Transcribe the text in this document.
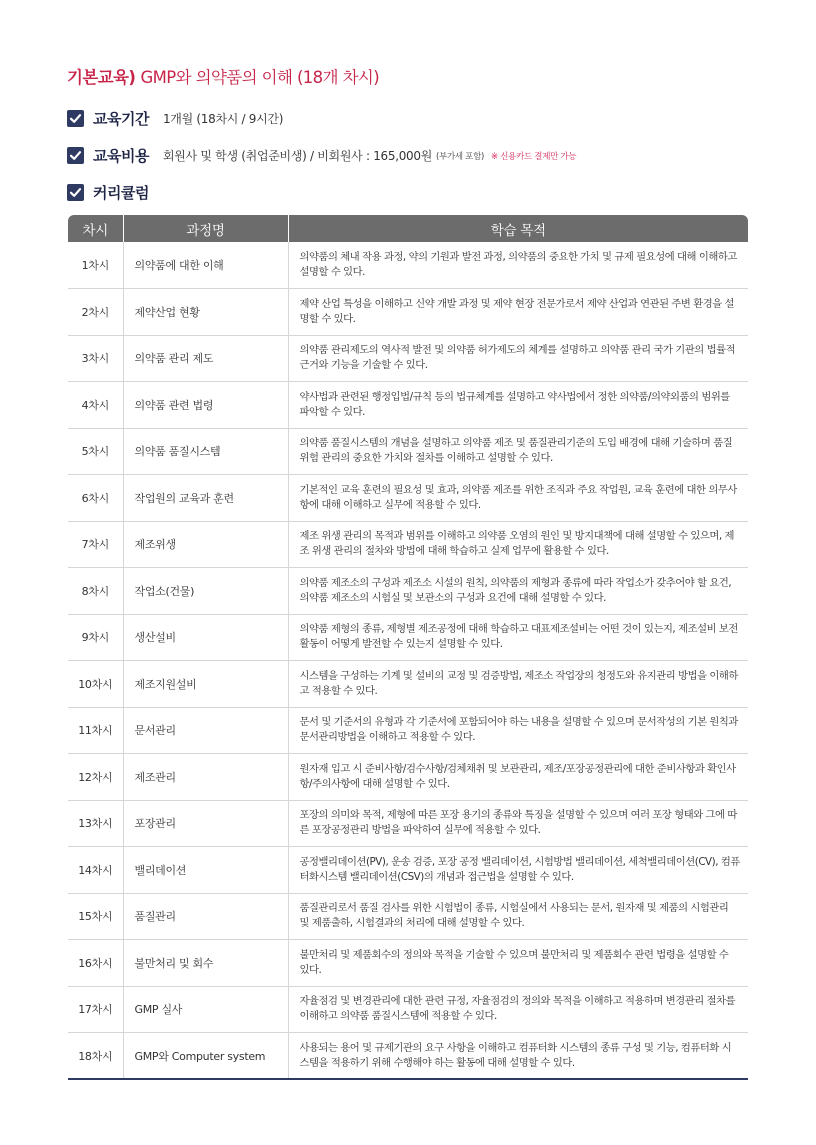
기본교육) GMP와 의약품의 이해 (18개 차시)
교육기간 1개월 (18차시 / 9시간)
교육비용 회원사 및 학생 (취업준비생) / 비회원사 : 165,000원 (부가세 포함) ※ 신용카드 결제만 가능
커리큘럼
차시	과정명	학습 목적
1차시	의약품에 대한 이해	의약품의 체내 작용 과정, 약의 기원과 발전 과정, 의약품의 중요한 가치 및 규제 필요성에 대해 이해하고 설명할 수 있다.
2차시	제약산업 현황	제약 산업 특성을 이해하고 신약 개발 과정 및 제약 현장 전문가로서 제약 산업과 연관된 주변 환경을 설명할 수 있다.
3차시	의약품 관리 제도	의약품 관리제도의 역사적 발전 및 의약품 허가제도의 체계를 설명하고 의약품 관리 국가 기관의 법률적 근거와 기능을 기술할 수 있다.
4차시	의약품 관련 법령	약사법과 관련된 행정입법/규칙 등의 법규체계를 설명하고 약사법에서 정한 의약품/의약외품의 범위를 파악할 수 있다.
5차시	의약품 품질시스템	의약품 품질시스템의 개념을 설명하고 의약품 제조 및 품질관리기준의 도입 배경에 대해 기술하며 품질 위험 관리의 중요한 가치와 절차를 이해하고 설명할 수 있다.
6차시	작업원의 교육과 훈련	기본적인 교육 훈련의 필요성 및 효과, 의약품 제조를 위한 조직과 주요 작업원, 교육 훈련에 대한 의무사항에 대해 이해하고 실무에 적용할 수 있다.
7차시	제조위생	제조 위생 관리의 목적과 범위를 이해하고 의약품 오염의 원인 및 방지대책에 대해 설명할 수 있으며, 제조 위생 관리의 절차와 방법에 대해 학습하고 실제 업무에 활용할 수 있다.
8차시	작업소(건물)	의약품 제조소의 구성과 제조소 시설의 원칙, 의약품의 제형과 종류에 따라 작업소가 갖추어야 할 요건, 의약품 제조소의 시험실 및 보관소의 구성과 요건에 대해 설명할 수 있다.
9차시	생산설비	의약품 제형의 종류, 제형별 제조공정에 대해 학습하고 대표제조설비는 어떤 것이 있는지, 제조설비 보전활동이 어떻게 발전할 수 있는지 설명할 수 있다.
10차시	제조지원설비	시스템을 구성하는 기계 및 설비의 교정 및 검증방법, 제조소 작업장의 청정도와 유지관리 방법을 이해하고 적용할 수 있다.
11차시	문서관리	문서 및 기준서의 유형과 각 기준서에 포함되어야 하는 내용을 설명할 수 있으며 문서작성의 기본 원칙과 문서관리방법을 이해하고 적용할 수 있다.
12차시	제조관리	원자재 입고 시 준비사항/검수사항/검체채취 및 보관관리, 제조/포장공정관리에 대한 준비사항과 확인사항/주의사항에 대해 설명할 수 있다.
13차시	포장관리	포장의 의미와 목적, 제형에 따른 포장 용기의 종류와 특징을 설명할 수 있으며 여러 포장 형태와 그에 따른 포장공정관리 방법을 파악하여 실무에 적용할 수 있다.
14차시	밸리데이션	공정밸리데이션(PV), 운송 검증, 포장 공정 밸리데이션, 시험방법 밸리데이션, 세척밸리데이션(CV), 컴퓨터화시스템 밸리데이션(CSV)의 개념과 접근법을 설명할 수 있다.
15차시	품질관리	품질관리로서 품질 검사를 위한 시험법이 종류, 시험실에서 사용되는 문서, 원자재 및 제품의 시험관리 및 제품출하, 시험결과의 처리에 대해 설명할 수 있다.
16차시	불만처리 및 회수	불만처리 및 제품회수의 정의와 목적을 기술할 수 있으며 불만처리 및 제품회수 관련 법령을 설명할 수 있다.
17차시	GMP 실사	자율점검 및 변경관리에 대한 관련 규정, 자율점검의 정의와 목적을 이해하고 적용하며 변경관리 절차를 이해하고 의약품 품질시스템에 적용할 수 있다.
18차시	GMP와 Computer system	사용되는 용어 및 규제기관의 요구 사항을 이해하고 컴퓨터화 시스템의 종류 구성 및 기능, 컴퓨터화 시스템을 적용하기 위해 수행해야 하는 활동에 대해 설명할 수 있다.
